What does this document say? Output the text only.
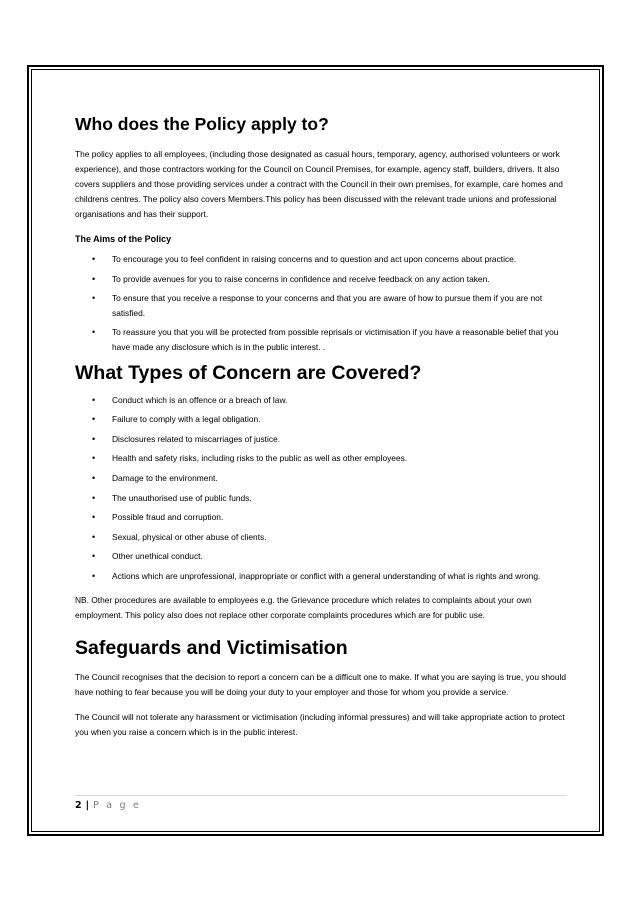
Who does the Policy apply to?

The policy applies to all employees, (including those designated as casual hours, temporary, agency, authorised volunteers or work experience), and those contractors working for the Council on Council Premises, for example, agency staff, builders, drivers. It also covers suppliers and those providing services under a contract with the Council in their own premises, for example, care homes and childrens centres. The policy also covers Members.This policy has been discussed with the relevant trade unions and professional organisations and has their support.

The Aims of the Policy
• To encourage you to feel confident in raising concerns and to question and act upon concerns about practice.
• To provide avenues for you to raise concerns in confidence and receive feedback on any action taken.
• To ensure that you receive a response to your concerns and that you are aware of how to pursue them if you are not satisfied.
• To reassure you that you will be protected from possible reprisals or victimisation if you have a reasonable belief that you have made any disclosure which is in the public interest. .
What Types of Concern are Covered?
• Conduct which is an offence or a breach of law.
• Failure to comply with a legal obligation.
• Disclosures related to miscarriages of justice.
• Health and safety risks, including risks to the public as well as other employees.
• Damage to the environment.
• The unauthorised use of public funds.
• Possible fraud and corruption.
• Sexual, physical or other abuse of clients.
• Other unethical conduct.
• Actions which are unprofessional, inappropriate or conflict with a general understanding of what is rights and wrong.

NB. Other procedures are available to employees e.g. the Grievance procedure which relates to complaints about your own employment. This policy also does not replace other corporate complaints procedures which are for public use.

Safeguards and Victimisation

The Council recognises that the decision to report a concern can be a difficult one to make. If what you are saying is true, you should have nothing to fear because you will be doing your duty to your employer and those for whom you provide a service.

The Council will not tolerate any harassment or victimisation (including informal pressures) and will take appropriate action to protect you when you raise a concern which is in the public interest.

2 | P a g e
